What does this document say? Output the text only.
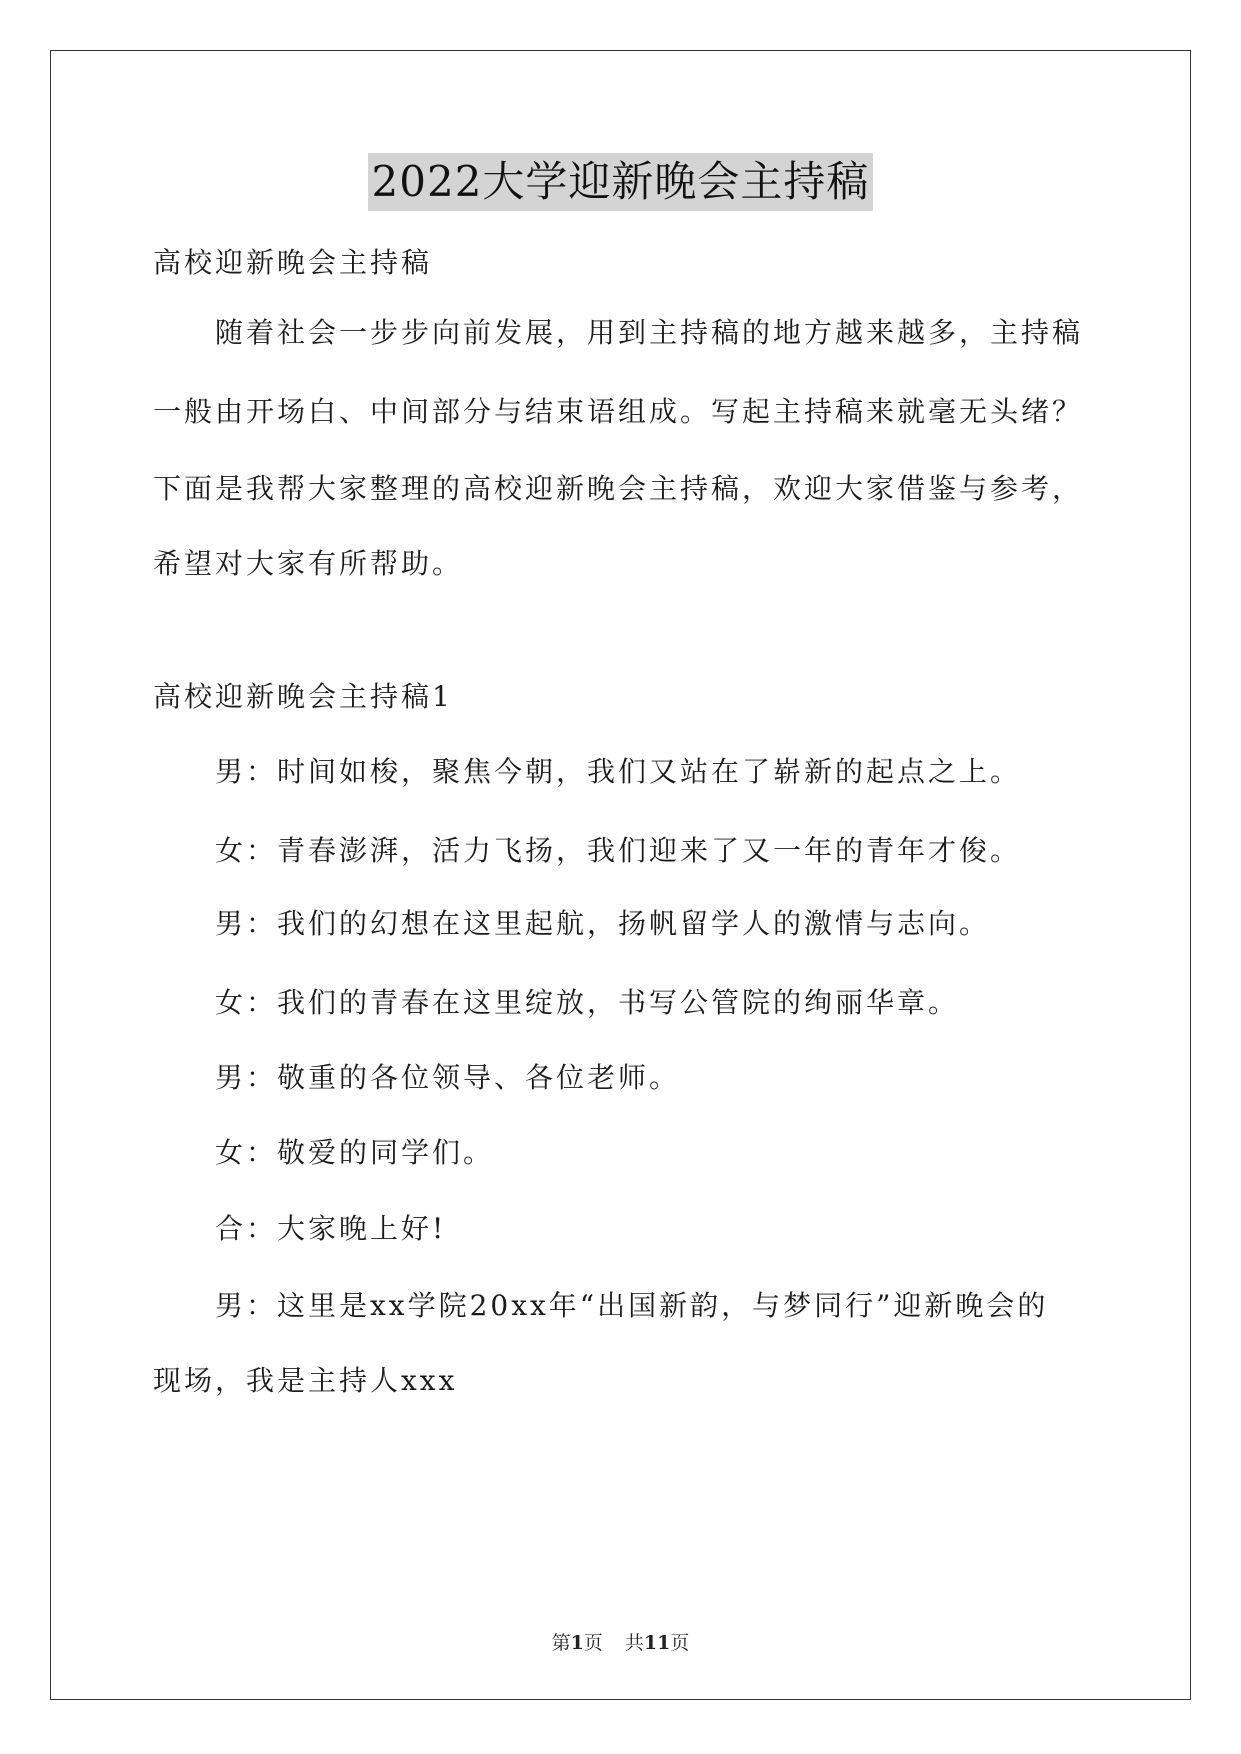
2022大学迎新晚会主持稿
高校迎新晚会主持稿
随着社会一步步向前发展，用到主持稿的地方越来越多，主持稿
一般由开场白、中间部分与结束语组成。写起主持稿来就毫无头绪？
下面是我帮大家整理的高校迎新晚会主持稿，欢迎大家借鉴与参考，
希望对大家有所帮助。
高校迎新晚会主持稿1
男：时间如梭，聚焦今朝，我们又站在了崭新的起点之上。
女：青春澎湃，活力飞扬，我们迎来了又一年的青年才俊。
男：我们的幻想在这里起航，扬帆留学人的激情与志向。
女：我们的青春在这里绽放，书写公管院的绚丽华章。
男：敬重的各位领导、各位老师。
女：敬爱的同学们。
合：大家晚上好!
男：这里是xx学院20xx年“出国新韵，与梦同行”迎新晚会的
现场，我是主持人xxx
第1页 共11页
